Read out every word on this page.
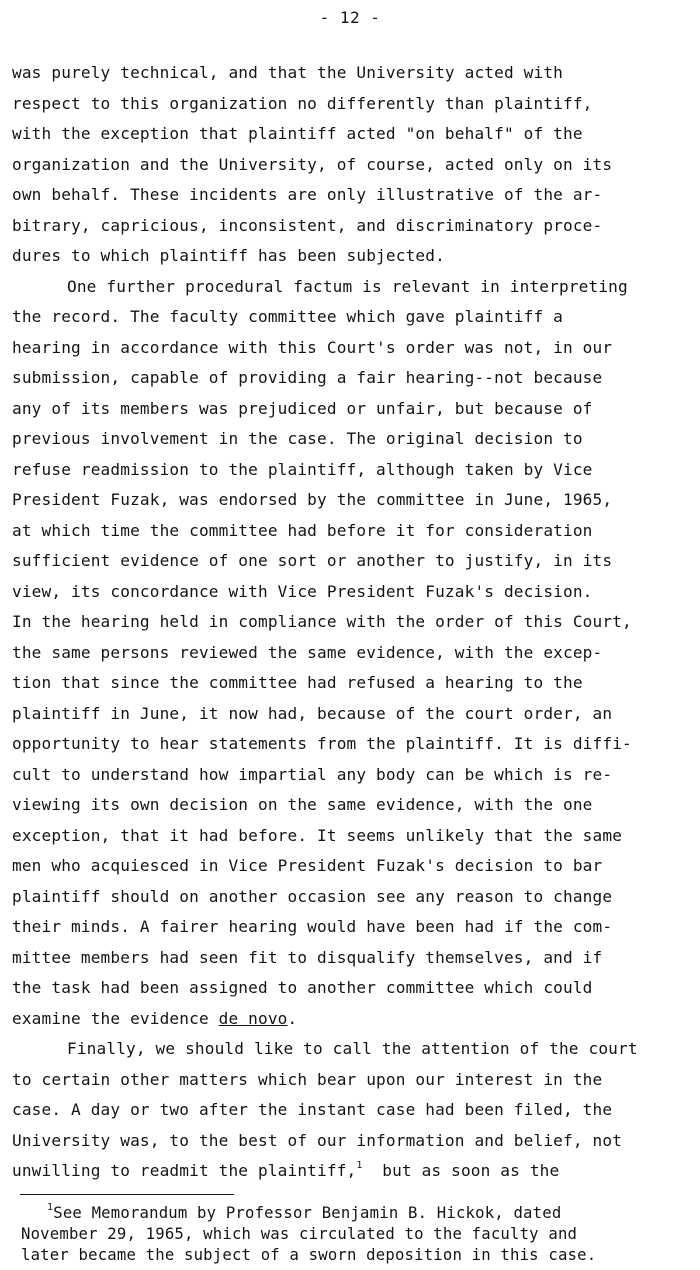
- 12 -
was purely technical, and that the University acted with
respect to this organization no differently than plaintiff,
with the exception that plaintiff acted "on behalf" of the
organization and the University, of course, acted only on its
own behalf. These incidents are only illustrative of the ar-
bitrary, capricious, inconsistent, and discriminatory proce-
dures to which plaintiff has been subjected.
One further procedural factum is relevant in interpreting
the record. The faculty committee which gave plaintiff a
hearing in accordance with this Court's order was not, in our
submission, capable of providing a fair hearing--not because
any of its members was prejudiced or unfair, but because of
previous involvement in the case. The original decision to
refuse readmission to the plaintiff, although taken by Vice
President Fuzak, was endorsed by the committee in June, 1965,
at which time the committee had before it for consideration
sufficient evidence of one sort or another to justify, in its
view, its concordance with Vice President Fuzak's decision.
In the hearing held in compliance with the order of this Court,
the same persons reviewed the same evidence, with the excep-
tion that since the committee had refused a hearing to the
plaintiff in June, it now had, because of the court order, an
opportunity to hear statements from the plaintiff. It is diffi-
cult to understand how impartial any body can be which is re-
viewing its own decision on the same evidence, with the one
exception, that it had before. It seems unlikely that the same
men who acquiesced in Vice President Fuzak's decision to bar
plaintiff should on another occasion see any reason to change
their minds. A fairer hearing would have been had if the com-
mittee members had seen fit to disqualify themselves, and if
the task had been assigned to another committee which could
examine the evidence de novo.
Finally, we should like to call the attention of the court
to certain other matters which bear upon our interest in the
case. A day or two after the instant case had been filed, the
University was, to the best of our information and belief, not
unwilling to readmit the plaintiff,$^1$  but as soon as the
$^1$See Memorandum by Professor Benjamin B. Hickok, dated
November 29, 1965, which was circulated to the faculty and
later became the subject of a sworn deposition in this case.
